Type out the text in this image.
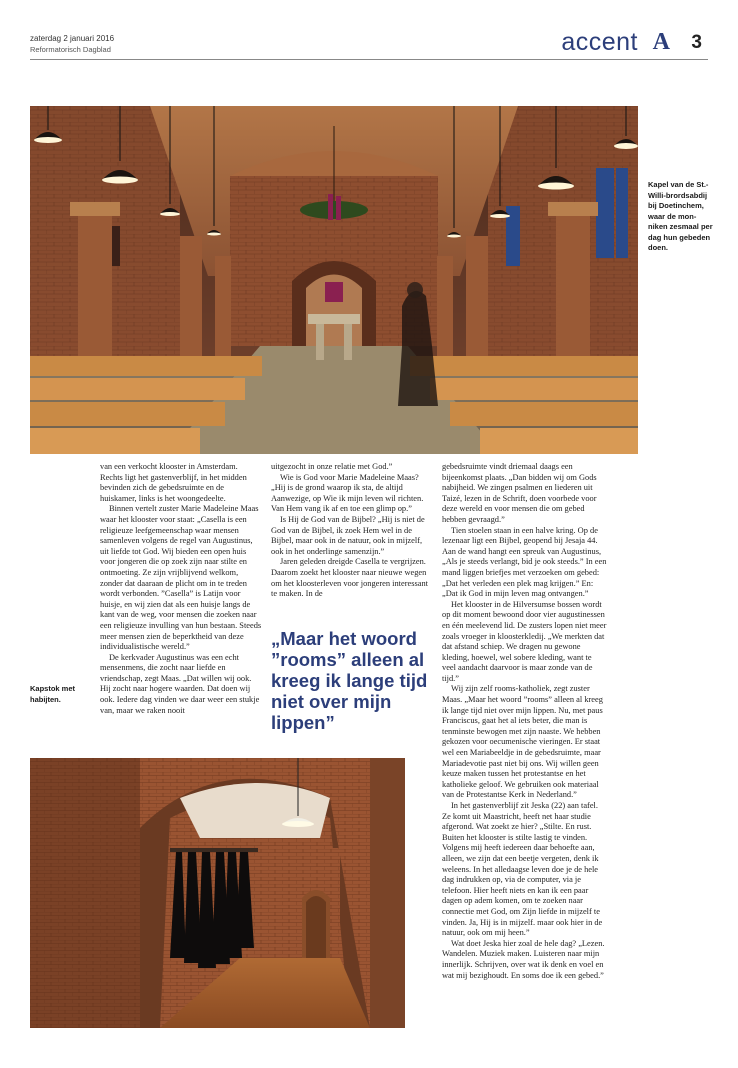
zaterdag 2 januari 2016
Reformatorisch Dagblad	accent A 3
Kapel van de St.-Willi-brordsabdij bij Doetinchem, waar de mon-niken zesmaal per dag hun gebeden doen.

van een verkocht klooster in Amsterdam. Rechts ligt het gastenverblijf, in het midden bevinden zich de gebedsruimte en de huiskamer, links is het woongedeelte.

Binnen vertelt zuster Marie Madeleine Maas waar het klooster voor staat: „Casella is een religieuze leefgemeenschap waar mensen samenleven volgens de regel van Augustinus, uit liefde tot God. Wij bieden een open huis voor jongeren die op zoek zijn naar stilte en ontmoeting. Ze zijn vrijblijvend welkom, zonder dat daaraan de plicht om in te treden wordt verbonden. ”Casella” is Latijn voor huisje, en wij zien dat als een huisje langs de kant van de weg, voor mensen die zoeken naar een religieuze invulling van hun bestaan. Steeds meer mensen zien de beperktheid van deze individualistische wereld.”

De kerkvader Augustinus was een echt mensenmens, die zocht naar liefde en vriendschap, zegt Maas. „Dat willen wij ook. Hij zocht naar hogere waarden. Dat doen wij ook. Iedere dag vinden we daar weer een stukje van, maar we raken nooit

uitgezocht in onze relatie met God.”

Wie is God voor Marie Madeleine Maas? „Hij is de grond waarop ik sta, de altijd Aanwezige, op Wie ik mijn leven wil richten. Van Hem vang ik af en toe een glimp op.”

Is Hij de God van de Bijbel? „Hij is niet de God van de Bijbel, ik zoek Hem wel in de Bijbel, maar ook in de natuur, ook in mijzelf, ook in het onderlinge samenzijn.”

Jaren geleden dreigde Casella te vergrijzen. Daarom zoekt het klooster naar nieuwe wegen om het kloosterleven voor jongeren interessant te maken. In de

„Maar het woord ”rooms” alleen al kreeg ik lange tijd niet over mijn lippen”

gebedsruimte vindt driemaal daags een bijeenkomst plaats. „Dan bidden wij om Gods nabijheid. We zingen psalmen en liederen uit Taizé, lezen in de Schrift, doen voorbede voor deze wereld en voor mensen die om gebed hebben gevraagd.”

Tien stoelen staan in een halve kring. Op de lezenaar ligt een Bijbel, geopend bij Jesaja 44. Aan de wand hangt een spreuk van Augustinus, „Als je steeds verlangt, bid je ook steeds.” In een mand liggen briefjes met verzoeken om gebed: „Dat het verleden een plek mag krijgen.” En: „Dat ik God in mijn leven mag ontvangen.”

Het klooster in de Hilversumse bossen wordt op dit moment bewoond door vier augustinessen en één meelevend lid. De zusters lopen niet meer zoals vroeger in kloosterkledij. „We merkten dat dat afstand schiep. We dragen nu gewone kleding, hoewel, wel sobere kleding, want te veel aandacht daarvoor is maar zonde van de tijd.”

Wij zijn zelf rooms-katholiek, zegt zuster Maas. „Maar het woord ”rooms” alleen al kreeg ik lange tijd niet over mijn lippen. Nu, met paus Franciscus, gaat het al iets beter, die man is tenminste bewogen met zijn naaste. We hebben gekozen voor oecumenische vieringen. Er staat wel een Mariabeeldje in de gebedsruimte, maar Mariadevotie past niet bij ons. Wij willen geen keuze maken tussen het protestantse en het katholieke geloof. We gebruiken ook materiaal van de Protestantse Kerk in Nederland.”

In het gastenverblijf zit Jeska (22) aan tafel. Ze komt uit Maastricht, heeft net haar studie afgerond. Wat zoekt ze hier? „Stilte. En rust. Buiten het klooster is stilte lastig te vinden. Volgens mij heeft iedereen daar behoefte aan, alleen, we zijn dat een beetje vergeten, denk ik weleens. In het alledaagse leven doe je de hele dag indrukken op, via de computer, via je telefoon. Hier heeft niets en kan ik een paar dagen op adem komen, om te zoeken naar connectie met God, om Zijn liefde in mijzelf te vinden. Ja, Hij is in mijzelf. maar ook hier in de natuur, ook om mij heen.”

Wat doet Jeska hier zoal de hele dag? „Lezen. Wandelen. Muziek maken. Luisteren naar mijn innerlijk. Schrijven, over wat ik denk en voel en wat mij bezighoudt. En soms doe ik een gebed.”

Kapstok met habijten.
